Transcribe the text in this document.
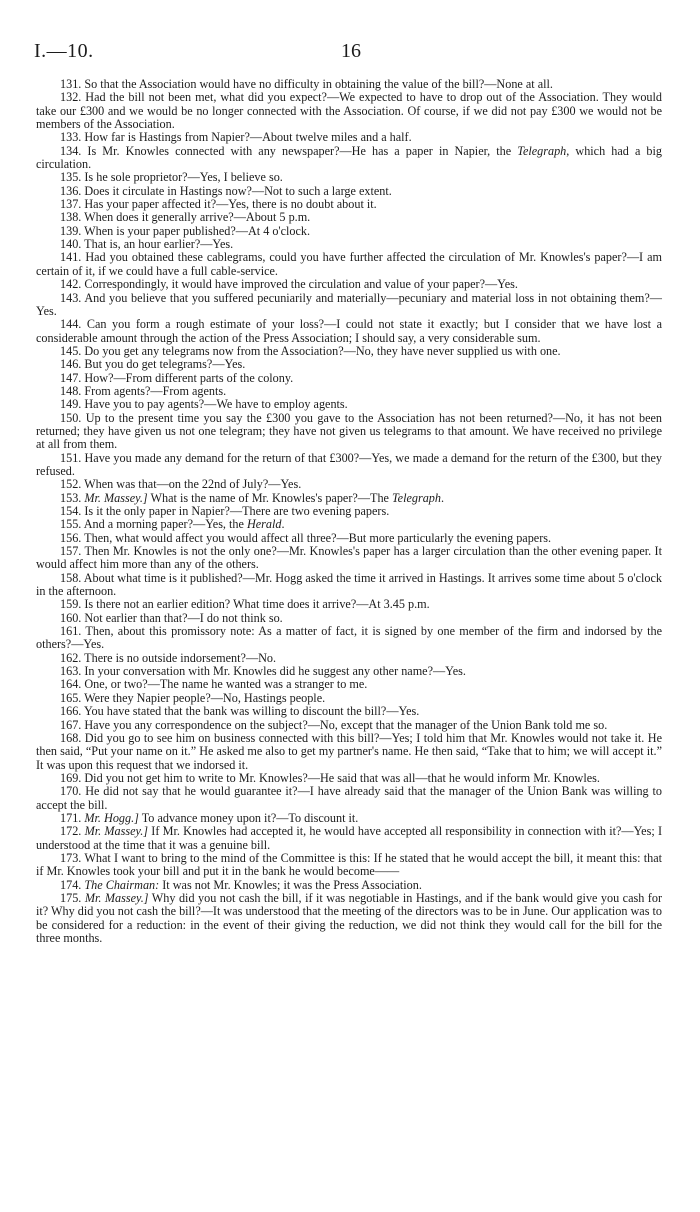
I.—10.	16

131. So that the Association would have no difficulty in obtaining the value of the bill?—None at all.

132. Had the bill not been met, what did you expect?—We expected to have to drop out of the Association. They would take our £300 and we would be no longer connected with the Association. Of course, if we did not pay £300 we would not be members of the Association.

133. How far is Hastings from Napier?—About twelve miles and a half.

134. Is Mr. Knowles connected with any newspaper?—He has a paper in Napier, the Telegraph, which had a big circulation.

135. Is he sole proprietor?—Yes, I believe so.

136. Does it circulate in Hastings now?—Not to such a large extent.

137. Has your paper affected it?—Yes, there is no doubt about it.

138. When does it generally arrive?—About 5 p.m.

139. When is your paper published?—At 4 o'clock.

140. That is, an hour earlier?—Yes.

141. Had you obtained these cablegrams, could you have further affected the circulation of Mr. Knowles's paper?—I am certain of it, if we could have a full cable-service.

142. Correspondingly, it would have improved the circulation and value of your paper?—Yes.

143. And you believe that you suffered pecuniarily and materially—pecuniary and material loss in not obtaining them?—Yes.

144. Can you form a rough estimate of your loss?—I could not state it exactly; but I consider that we have lost a considerable amount through the action of the Press Association; I should say, a very considerable sum.

145. Do you get any telegrams now from the Association?—No, they have never supplied us with one.

146. But you do get telegrams?—Yes.

147. How?—From different parts of the colony.

148. From agents?—From agents.

149. Have you to pay agents?—We have to employ agents.

150. Up to the present time you say the £300 you gave to the Association has not been returned?—No, it has not been returned; they have given us not one telegram; they have not given us telegrams to that amount. We have received no privilege at all from them.

151. Have you made any demand for the return of that £300?—Yes, we made a demand for the return of the £300, but they refused.

152. When was that—on the 22nd of July?—Yes.

153. Mr. Massey.] What is the name of Mr. Knowles's paper?—The Telegraph.

154. Is it the only paper in Napier?—There are two evening papers.

155. And a morning paper?—Yes, the Herald.

156. Then, what would affect you would affect all three?—But more particularly the evening papers.

157. Then Mr. Knowles is not the only one?—Mr. Knowles's paper has a larger circulation than the other evening paper. It would affect him more than any of the others.

158. About what time is it published?—Mr. Hogg asked the time it arrived in Hastings. It arrives some time about 5 o'clock in the afternoon.

159. Is there not an earlier edition? What time does it arrive?—At 3.45 p.m.

160. Not earlier than that?—I do not think so.

161. Then, about this promissory note: As a matter of fact, it is signed by one member of the firm and indorsed by the others?—Yes.

162. There is no outside indorsement?—No.

163. In your conversation with Mr. Knowles did he suggest any other name?—Yes.

164. One, or two?—The name he wanted was a stranger to me.

165. Were they Napier people?—No, Hastings people.

166. You have stated that the bank was willing to discount the bill?—Yes.

167. Have you any correspondence on the subject?—No, except that the manager of the Union Bank told me so.

168. Did you go to see him on business connected with this bill?—Yes; I told him that Mr. Knowles would not take it. He then said, “Put your name on it.” He asked me also to get my partner's name. He then said, “Take that to him; we will accept it.” It was upon this request that we indorsed it.

169. Did you not get him to write to Mr. Knowles?—He said that was all—that he would inform Mr. Knowles.

170. He did not say that he would guarantee it?—I have already said that the manager of the Union Bank was willing to accept the bill.

171. Mr. Hogg.] To advance money upon it?—To discount it.

172. Mr. Massey.] If Mr. Knowles had accepted it, he would have accepted all responsibility in connection with it?—Yes; I understood at the time that it was a genuine bill.

173. What I want to bring to the mind of the Committee is this: If he stated that he would accept the bill, it meant this: that if Mr. Knowles took your bill and put it in the bank he would become——

174. The Chairman: It was not Mr. Knowles; it was the Press Association.

175. Mr. Massey.] Why did you not cash the bill, if it was negotiable in Hastings, and if the bank would give you cash for it? Why did you not cash the bill?—It was understood that the meeting of the directors was to be in June. Our application was to be considered for a reduction: in the event of their giving the reduction, we did not think they would call for the bill for the three months.
